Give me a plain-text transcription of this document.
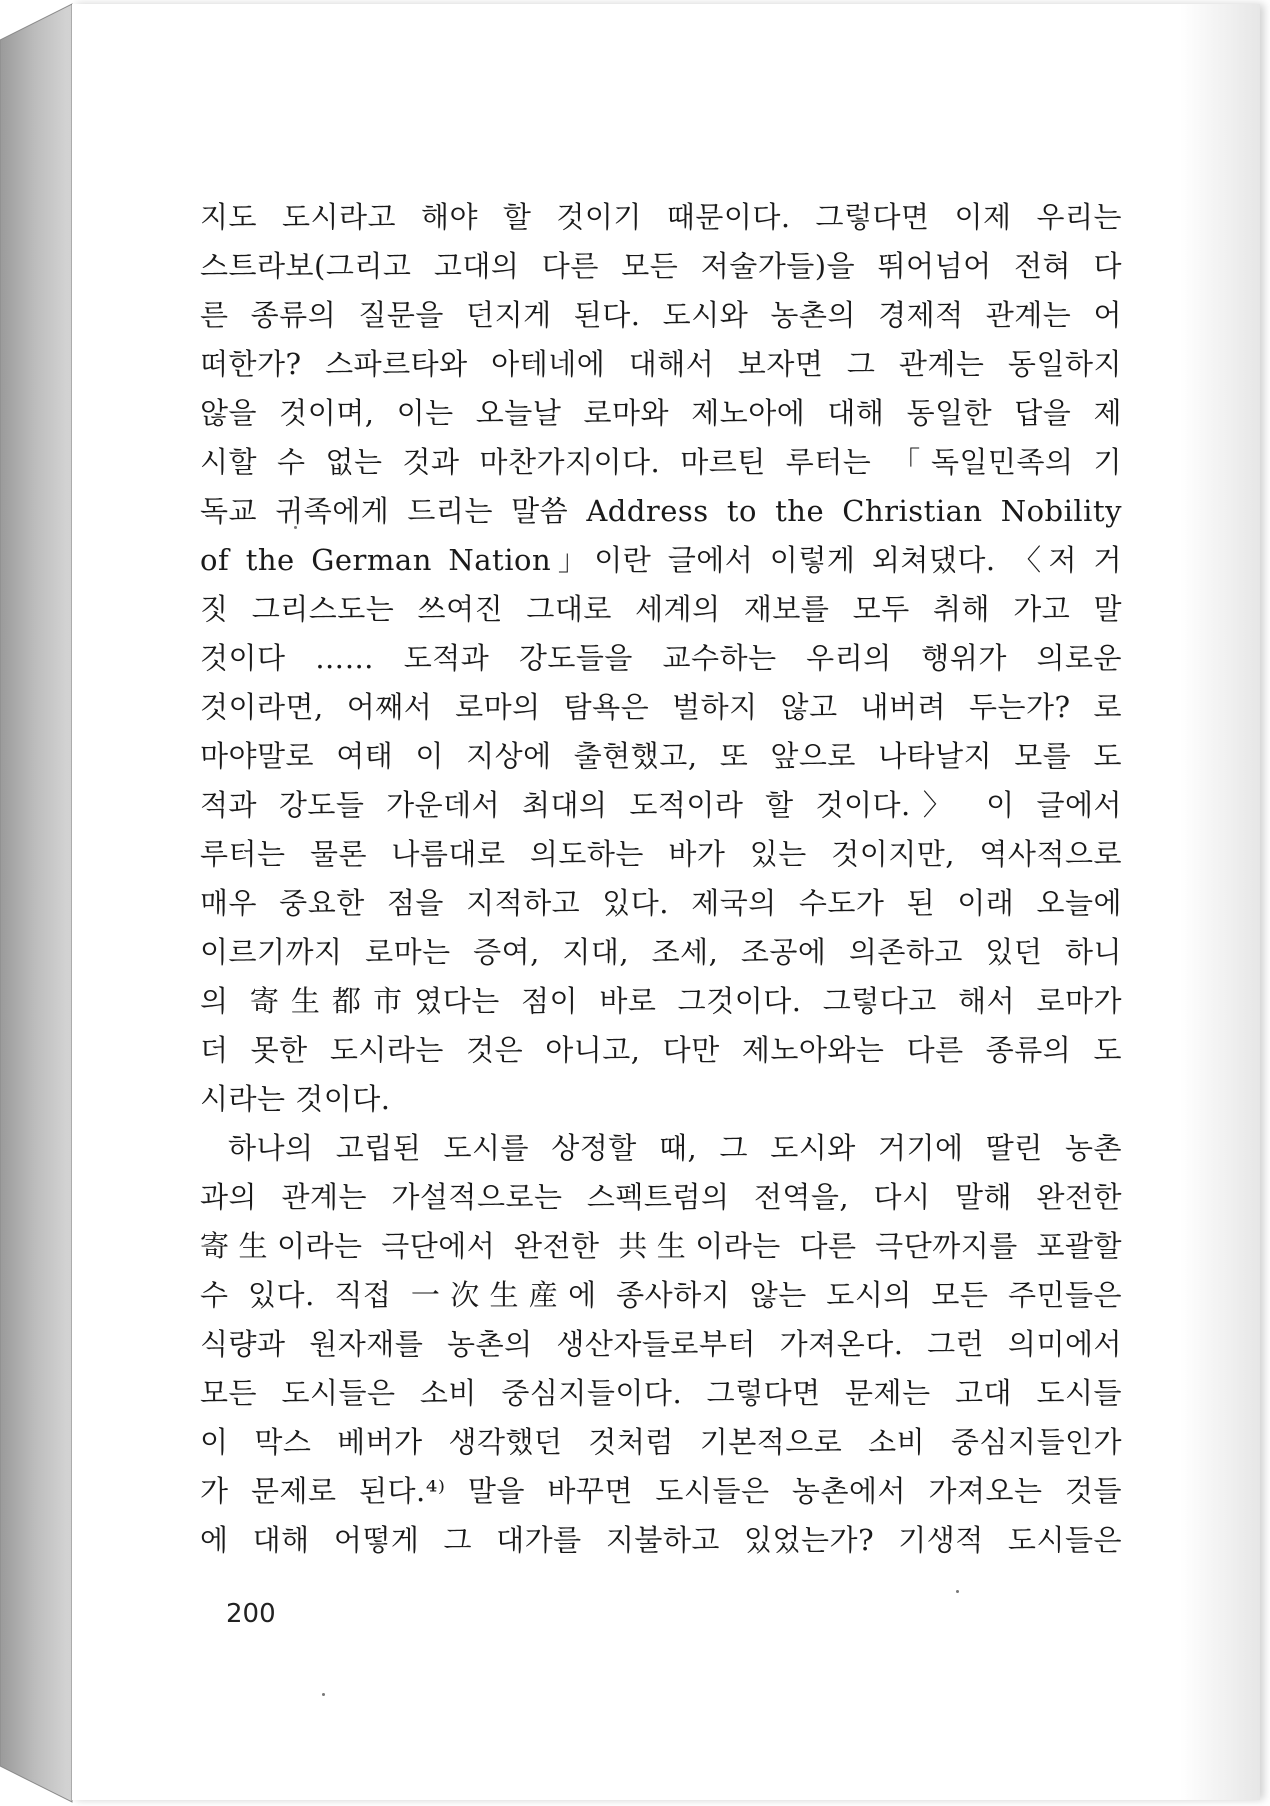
지도 도시라고 해야 할 것이기 때문이다. 그렇다면 이제 우리는
스트라보(그리고 고대의 다른 모든 저술가들)을 뛰어넘어 전혀 다
른 종류의 질문을 던지게 된다. 도시와 농촌의 경제적 관계는 어
떠한가? 스파르타와 아테네에 대해서 보자면 그 관계는 동일하지
않을 것이며, 이는 오늘날 로마와 제노아에 대해 동일한 답을 제
시할 수 없는 것과 마찬가지이다. 마르틴 루터는 「독일민족의 기
독교 귀족에게 드리는 말씀 Address to the Christian Nobility
of the German Nation」이란 글에서 이렇게 외쳐댔다. 〈저 거
짓 그리스도는 쓰여진 그대로 세계의 재보를 모두 취해 가고 말
것이다 …… 도적과 강도들을 교수하는 우리의 행위가 의로운
것이라면, 어째서 로마의 탐욕은 벌하지 않고 내버려 두는가? 로
마야말로 여태 이 지상에 출현했고, 또 앞으로 나타날지 모를 도
적과 강도들 가운데서 최대의 도적이라 할 것이다.〉 이 글에서
루터는 물론 나름대로 의도하는 바가 있는 것이지만, 역사적으로
매우 중요한 점을 지적하고 있다. 제국의 수도가 된 이래 오늘에
이르기까지 로마는 증여, 지대, 조세, 조공에 의존하고 있던 하니
의 寄生都市였다는 점이 바로 그것이다. 그렇다고 해서 로마가
더 못한 도시라는 것은 아니고, 다만 제노아와는 다른 종류의 도
시라는 것이다.
하나의 고립된 도시를 상정할 때, 그 도시와 거기에 딸린 농촌
과의 관계는 가설적으로는 스펙트럼의 전역을, 다시 말해 완전한
寄生이라는 극단에서 완전한 共生이라는 다른 극단까지를 포괄할
수 있다. 직접 一次生産에 종사하지 않는 도시의 모든 주민들은
식량과 원자재를 농촌의 생산자들로부터 가져온다. 그런 의미에서
모든 도시들은 소비 중심지들이다. 그렇다면 문제는 고대 도시들
이 막스 베버가 생각했던 것처럼 기본적으로 소비 중심지들인가
가 문제로 된다.⁴⁾ 말을 바꾸면 도시들은 농촌에서 가져오는 것들
에 대해 어떻게 그 대가를 지불하고 있었는가? 기생적 도시들은
200
